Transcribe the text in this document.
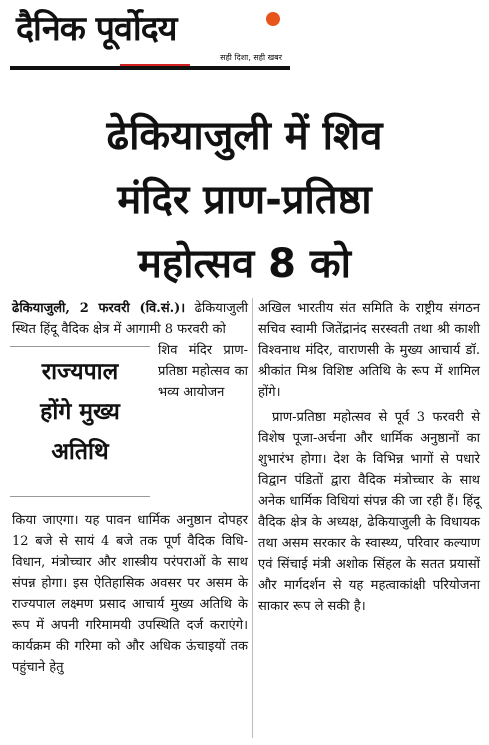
दैनिक पूर्वोदय
सही दिशा, सही खबर
ढेकियाजुली में शिव
मंदिर प्राण-प्रतिष्ठा
महोत्सव 8 को

ढेकियाजुली, 2 फरवरी (वि.सं.)। ढेकियाजुली स्थित हिंदू वैदिक क्षेत्र में आगामी 8 फरवरी को

राज्यपाल
होंगे मुख्य
अतिथि

शिव मंदिर प्राण-प्रतिष्ठा महोत्सव का भव्य आयोजन

किया जाएगा। यह पावन धार्मिक अनुष्ठान दोपहर 12 बजे से सायं 4 बजे तक पूर्ण वैदिक विधि-विधान, मंत्रोच्चार और शास्त्रीय परंपराओं के साथ संपन्न होगा। इस ऐतिहासिक अवसर पर असम के राज्यपाल लक्ष्मण प्रसाद आचार्य मुख्य अतिथि के रूप में अपनी गरिमामयी उपस्थिति दर्ज कराएंगे। कार्यक्रम की गरिमा को और अधिक ऊंचाइयों तक पहुंचाने हेतु

अखिल भारतीय संत समिति के राष्ट्रीय संगठन सचिव स्वामी जितेंद्रानंद सरस्वती तथा श्री काशी विश्वनाथ मंदिर, वाराणसी के मुख्य आचार्य डॉ. श्रीकांत मिश्र विशिष्ट अतिथि के रूप में शामिल होंगे।

प्राण-प्रतिष्ठा महोत्सव से पूर्व 3 फरवरी से विशेष पूजा-अर्चना और धार्मिक अनुष्ठानों का शुभारंभ होगा। देश के विभिन्न भागों से पधारे विद्वान पंडितों द्वारा वैदिक मंत्रोच्चार के साथ अनेक धार्मिक विधियां संपन्न की जा रही हैं। हिंदू वैदिक क्षेत्र के अध्यक्ष, ढेकियाजुली के विधायक तथा असम सरकार के स्वास्थ्य, परिवार कल्याण एवं सिंचाई मंत्री अशोक सिंहल के सतत प्रयासों और मार्गदर्शन से यह महत्वाकांक्षी परियोजना साकार रूप ले सकी है।
